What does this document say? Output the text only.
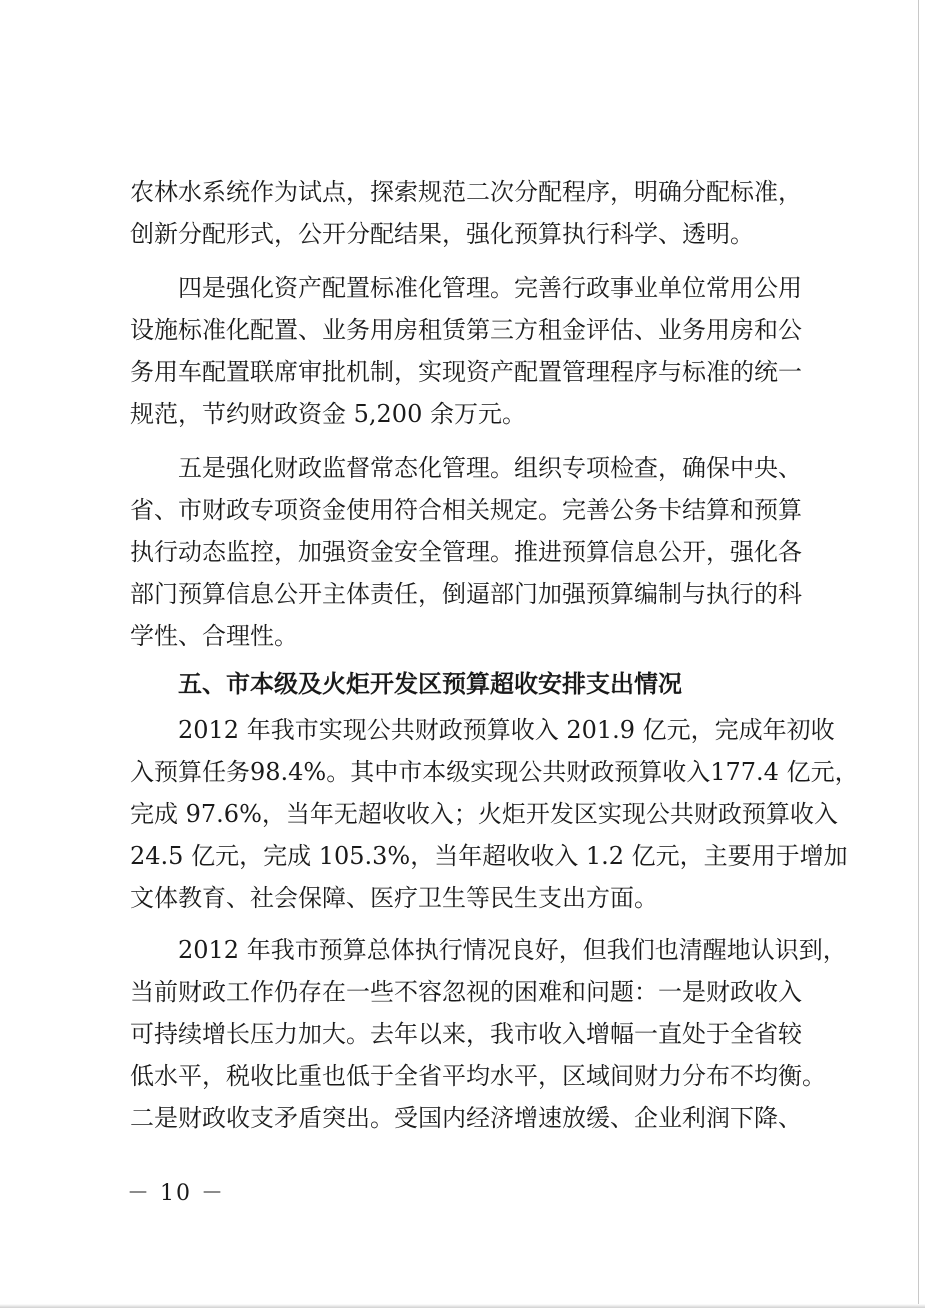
农林水系统作为试点，探索规范二次分配程序，明确分配标准，
创新分配形式，公开分配结果，强化预算执行科学、透明。
四是强化资产配置标准化管理。完善行政事业单位常用公用
设施标准化配置、业务用房租赁第三方租金评估、业务用房和公
务用车配置联席审批机制，实现资产配置管理程序与标准的统一
规范，节约财政资金 5,200 余万元。
五是强化财政监督常态化管理。组织专项检查，确保中央、
省、市财政专项资金使用符合相关规定。完善公务卡结算和预算
执行动态监控，加强资金安全管理。推进预算信息公开，强化各
部门预算信息公开主体责任，倒逼部门加强预算编制与执行的科
学性、合理性。
五、市本级及火炬开发区预算超收安排支出情况
2012 年我市实现公共财政预算收入 201.9 亿元，完成年初收
入预算任务98.4%。其中市本级实现公共财政预算收入177.4 亿元，
完成 97.6%，当年无超收收入；火炬开发区实现公共财政预算收入
24.5 亿元，完成 105.3%，当年超收收入 1.2 亿元，主要用于增加
文体教育、社会保障、医疗卫生等民生支出方面。
2012 年我市预算总体执行情况良好，但我们也清醒地认识到，
当前财政工作仍存在一些不容忽视的困难和问题：一是财政收入
可持续增长压力加大。去年以来，我市收入增幅一直处于全省较
低水平，税收比重也低于全省平均水平，区域间财力分布不均衡。
二是财政收支矛盾突出。受国内经济增速放缓、企业利润下降、
－ 10 －
